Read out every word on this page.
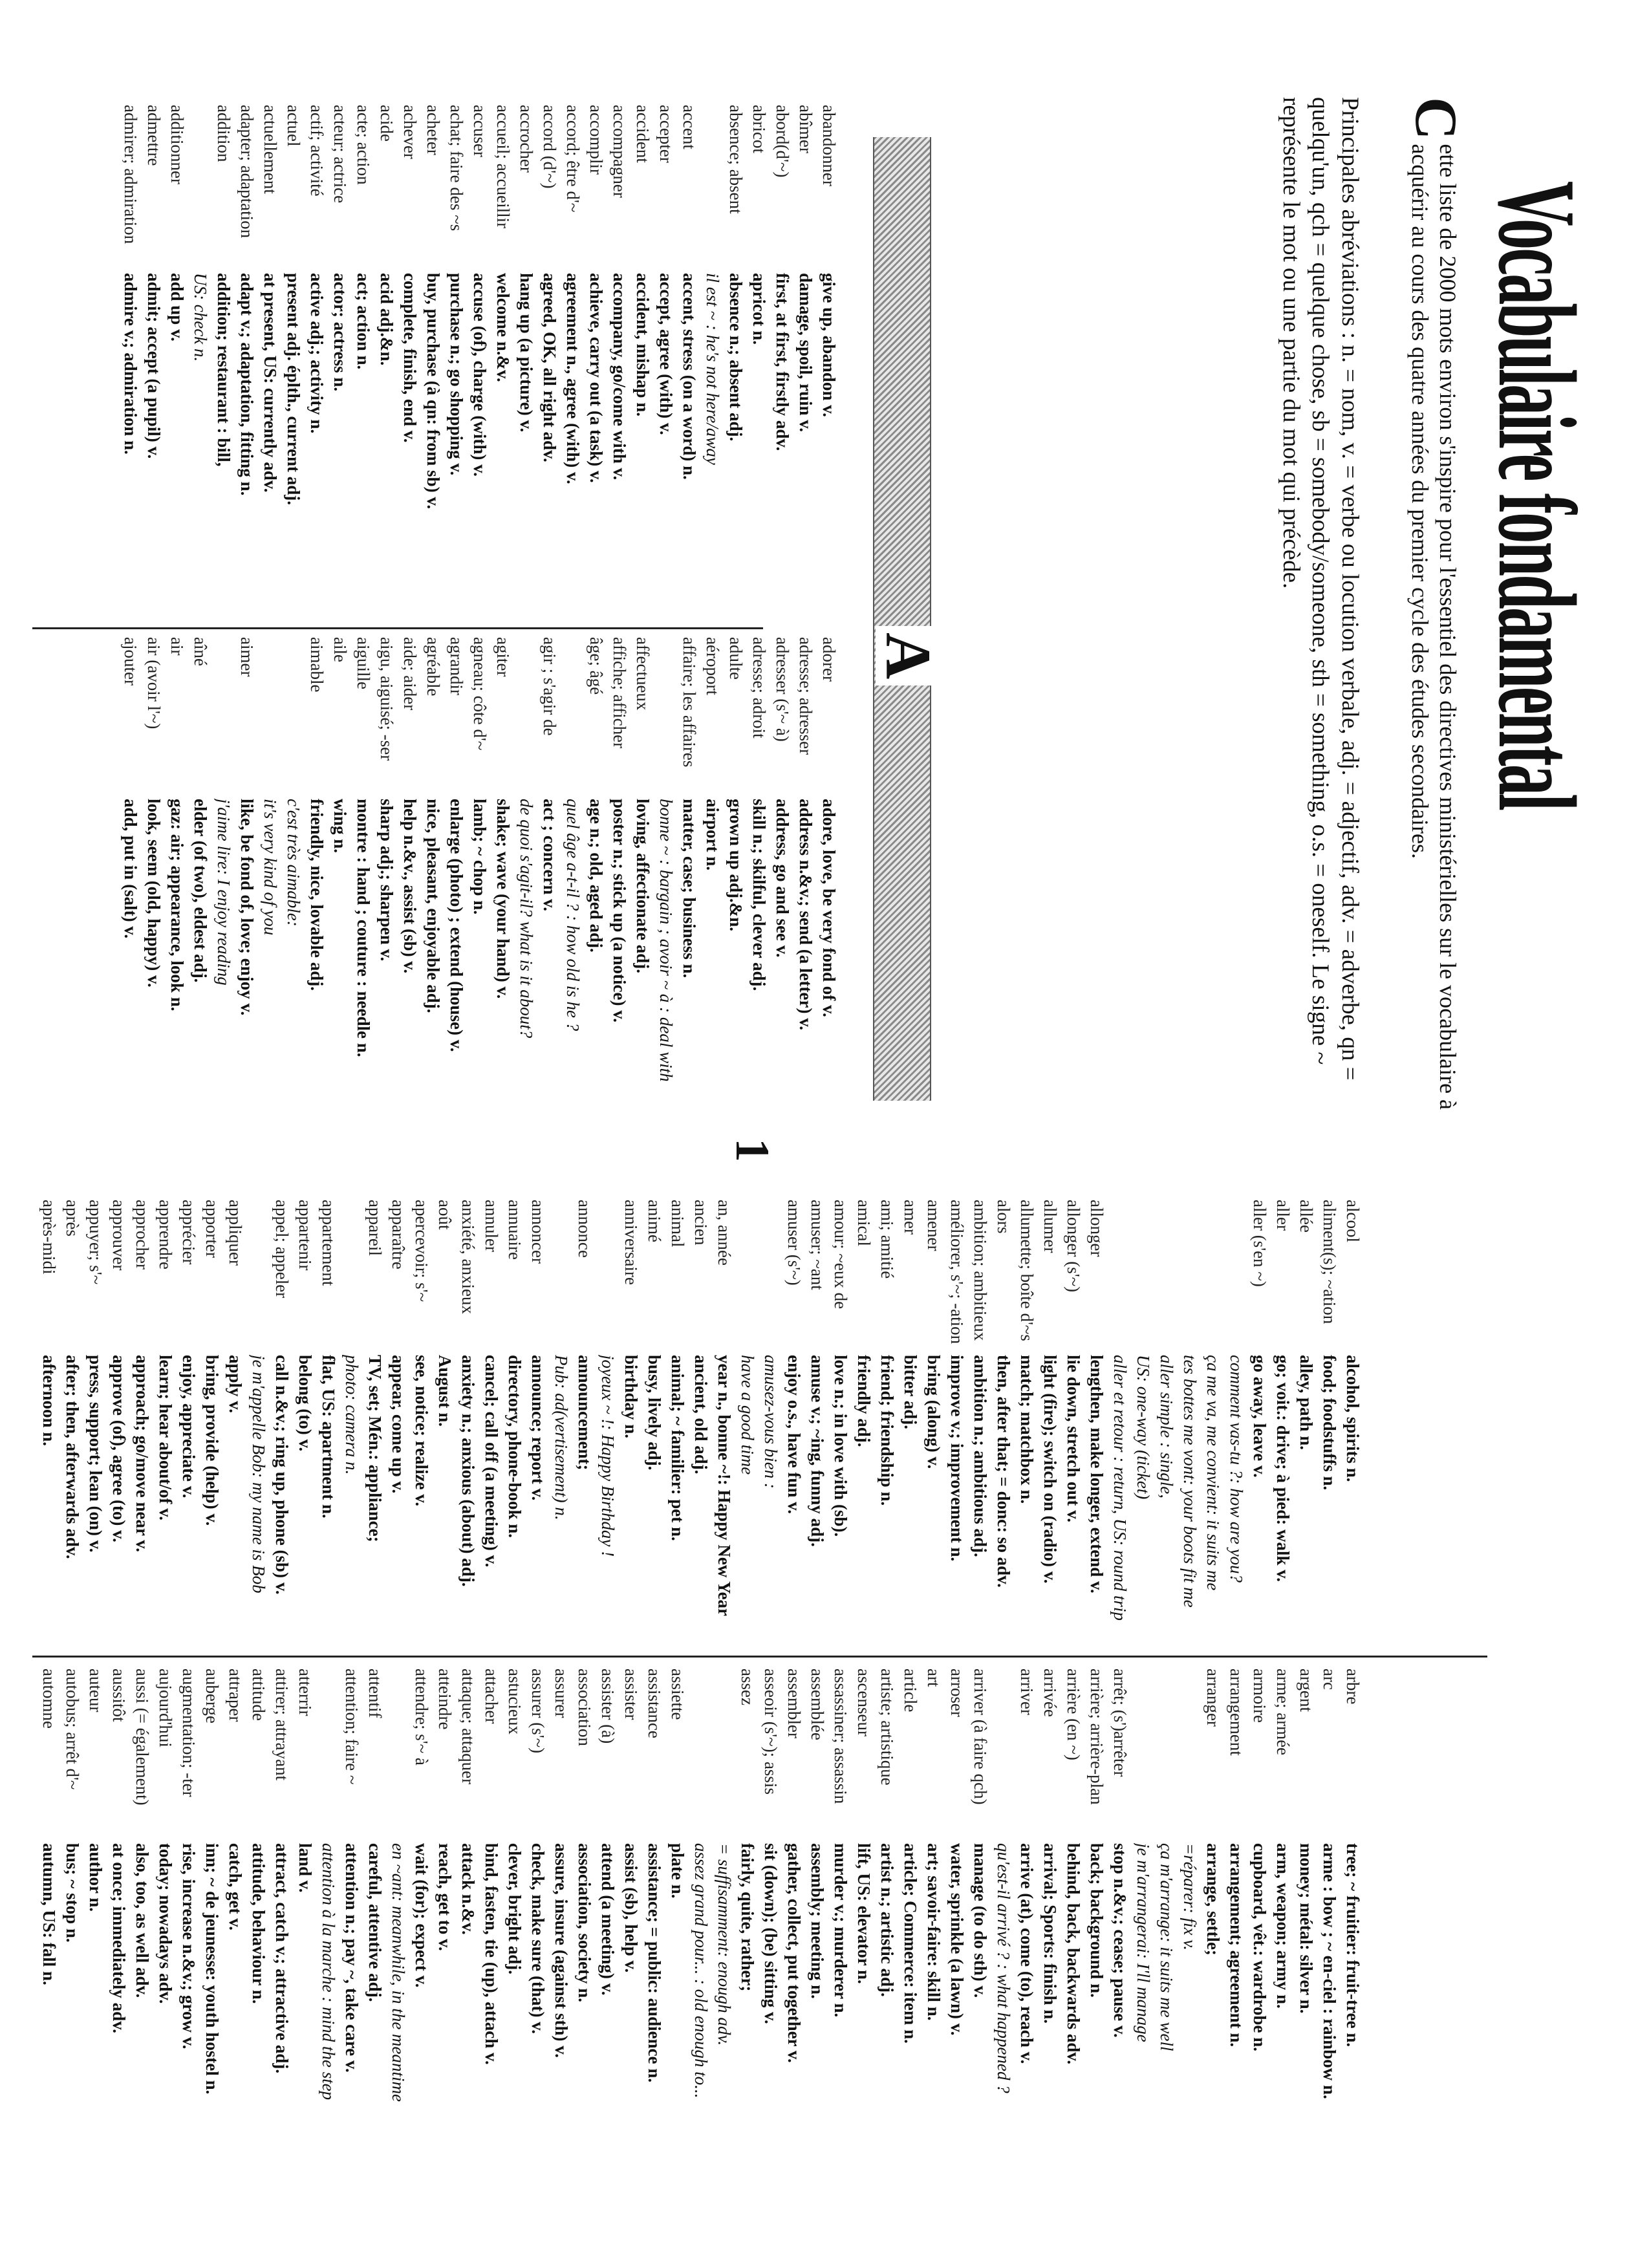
Vocabulaire fondamental
C
ette liste de 2000 mots environ s'inspire pour l'essentiel des directives ministérielles sur le vocabulaire à acquérir au cours des quatre années du premier cycle des études secondaires.
Principales abréviations : n. = nom, v. = verbe ou locution verbale, adj. = adjectif, adv. = adverbe, qn = quelqu'un, qch = quelque chose, sb = somebody/someone, sth = something, o.s. = oneself. Le signe ~ représente le mot ou une partie du mot qui précède.
A
1
abandonner
give up, abandon v.
abîmer
damage, spoil, ruin v.
abord(d'~)
first, at first, firstly adv.
abricot
apricot n.
absence; absent
absence n.; absent adj.
il est ~ : he's not here/away
accent
accent, stress (on a word) n.
accepter
accept, agree (with) v.
accident
accident, mishap n.
accompagner
accompany, go/come with v.
accomplir
achieve, carry out (a task) v.
accord; être d'~
agreement n., agree (with) v.
accord (d'~)
agreed, OK, all right adv.
accrocher
hang up (a picture) v.
accueil; accueillir
welcome n.&v.
accuser
accuse (of), charge (with) v.
achat; faire des ~s
purchase n.; go shopping v.
acheter
buy, purchase (à qn: from sb) v.
achever
complete, finish, end v.
acide
acid adj.&n.
acte; action
act; action n.
acteur; actrice
actor; actress n.
actif; activité
active adj.; activity n.
actuel
present adj. éplth., current adj.
actuellement
at present, US: currently adv.
adapter; adaptation
adapt v.; adaptation, fitting n.
addition
addition; restaurant : bill,
US: check n.
additionner
add up v.
admettre
admit; accept (a pupil) v.
admirer; admiration
admire v.; admiration n.
adorer
adore, love, be very fond of v.
adresse; adresser
address n.&v.; send (a letter) v.
adresser (s'~ à)
address, go and see v.
adresse; adroit
skill n.; skilful, clever adj.
adulte
grown up adj.&n.
aéroport
airport n.
affaire; les affaires
matter, case; business n.
bonne ~ : bargain ; avoir ~ à : deal with
affectueux
loving, affectionate adj.
affiche; afficher
poster n.; stick up (a notice) v.
âge; âgé
age n.; old, aged adj.
quel âge a-t-il ? : how old is he ?
agir ; s'agir de
act ; concern v.
de quoi s'agit-il? what is it about?
agiter
shake; wave (your hand) v.
agneau; côte d'~
lamb; ~ chop n.
agrandir
enlarge (photo) ; extend (house) v.
agréable
nice, pleasant, enjoyable adj.
aide; aider
help n.&v., assist (sb) v.
aigu, aiguisé; -ser
sharp adj.; sharpen v.
aiguille
montre : hand ; couture : needle n.
aile
wing n.
aimable
friendly, nice, lovable adj.
c'est très aimable:
it's very kind of you
aimer
like, be fond of, love; enjoy v.
j'aime lire: I enjoy reading
aîné
elder (of two), eldest adj.
air
gaz: air; appearance, look n.
air (avoir l'~)
look, seem (old, happy) v.
ajouter
add, put in (salt) v.
alcool
alcohol, spirits n.
aliment(s); ~ation
food; foodstuffs n.
allée
alley, path n.
aller
go; voit.: drive; à pied: walk v.
aller (s'en ~)
go away, leave v.
comment vas-tu ?: how are you?
ça me va, me convient: it suits me
tes bottes me vont: your boots fit me
aller simple : single,
US: one-way (ticket)
aller et retour : return, US: round trip
allonger
lengthen, make longer, extend v.
allonger (s'~)
lie down, stretch out v.
allumer
light (fire); switch on (radio) v.
allumette; boîte d'~s
match; matchbox n.
alors
then, after that; = donc: so adv.
ambition; ambitieux
ambition n.; ambitious adj.
améliorer, s'~; -ation
improve v.; improvement n.
amener
bring (along) v.
amer
bitter adj.
ami; amitié
friend; friendship n.
amical
friendly adj.
amour; ~eux de
love n.; in love with (sb).
amuser; ~ant
amuse v.; ~ing, funny adj.
amuser (s'~)
enjoy o.s., have fun v.
amusez-vous bien :
have a good time
an, année
year n., bonne ~!: Happy New Year
ancien
ancient, old adj.
animal
animal; ~ familier: pet n.
animé
busy, lively adj.
anniversaire
birthday n.
joyeux ~ !: Happy Birthday !
annonce
announcement;
Pub: ad(vertisement) n.
annoncer
announce; report v.
annuaire
directory, phone-book n.
annuler
cancel; call off (a meeting) v.
anxiété, anxieux
anxiety n.; anxious (about) adj.
août
August n.
apercevoir; s'~
see, notice; realize v.
apparaître
appear, come up v.
appareil
TV, set; Mén.: appliance;
photo: camera n.
appartement
flat, US: apartment n.
appartenir
belong (to) v.
appel; appeler
call n.&v.; ring up, phone (sb) v.
je m'appelle Bob: my name is Bob
appliquer
apply v.
apporter
bring, provide (help) v.
apprécier
enjoy, appreciate v.
apprendre
learn; hear about/of v.
approcher
approach; go/move near v.
approuver
approve (of), agree (to) v.
appuyer; s'~
press, support; lean (on) v.
après
after; then, afterwards adv.
après-midi
afternoon n.
arbre
tree; ~ fruitier: fruit-tree n.
arc
arme : bow ; ~ en-ciel : rainbow n.
argent
money; métal: silver n.
arme; armée
arm, weapon; army n.
armoire
cupboard, vêt.: wardrobe n.
arrangement
arrangement; agreement n.
arranger
arrange, settle;
=réparer: fix v.
ça m'arrange: it suits me well
je m'arrangerai: I'll manage
arrêt; (s')arrêter
stop n.&v.; cease; pause v.
arrière; arrière-plan
back; background n.
arrière (en ~)
behind, back, backwards adv.
arrivée
arrival; Sports: finish n.
arriver
arrive (at), come (to), reach v.
qu'est-il arrivé ? : what happened ?
arriver (à faire qch)
manage (to do sth) v.
arroser
water, sprinkle (a lawn) v.
art
art; savoir-faire: skill n.
article
article; Commerce: item n.
artiste; artistique
artist n.; artistic adj.
ascenseur
lift, US: elevator n.
assassiner; assassin
murder v.; murderer n.
assemblée
assembly; meeting n.
assembler
gather, collect, put together v.
asseoir (s'~); assis
sit (down); (be) sitting v.
assez
fairly, quite, rather;
= suffisamment: enough adv.
assez grand pour... : old enough to...
assiette
plate n.
assistance
assistance; = public: audience n.
assister
assist (sb), help v.
assister (à)
attend (a meeting) v.
association
association, society n.
assurer
assure, insure (against sth) v.
assurer (s'~)
check, make sure (that) v.
astucieux
clever, bright adj.
attacher
bind, fasten, tie (up), attach v.
attaque; attaquer
attack n.&v.
atteindre
reach, get to v.
attendre; s'~ à
wait (for); expect v.
en ~ant: meanwhile, in the meantime
attentif
careful, attentive adj.
attention; faire ~
attention n.; pay ~, take care v.
attention à la marche : mind the step
atterrir
land v.
attirer; attrayant
attract, catch v.; attractive adj.
attitude
attitude, behaviour n.
attraper
catch, get v.
auberge
inn; ~ de jeunesse: youth hostel n.
augmentation; -ter
rise, increase n.&v.; grow v.
aujourd'hui
today; nowadays adv.
aussi (= également)
also, too, as well adv.
aussitôt
at once; immediately adv.
auteur
author n.
autobus; arrêt d'~
bus; ~ stop n.
automne
autumn, US: fall n.
